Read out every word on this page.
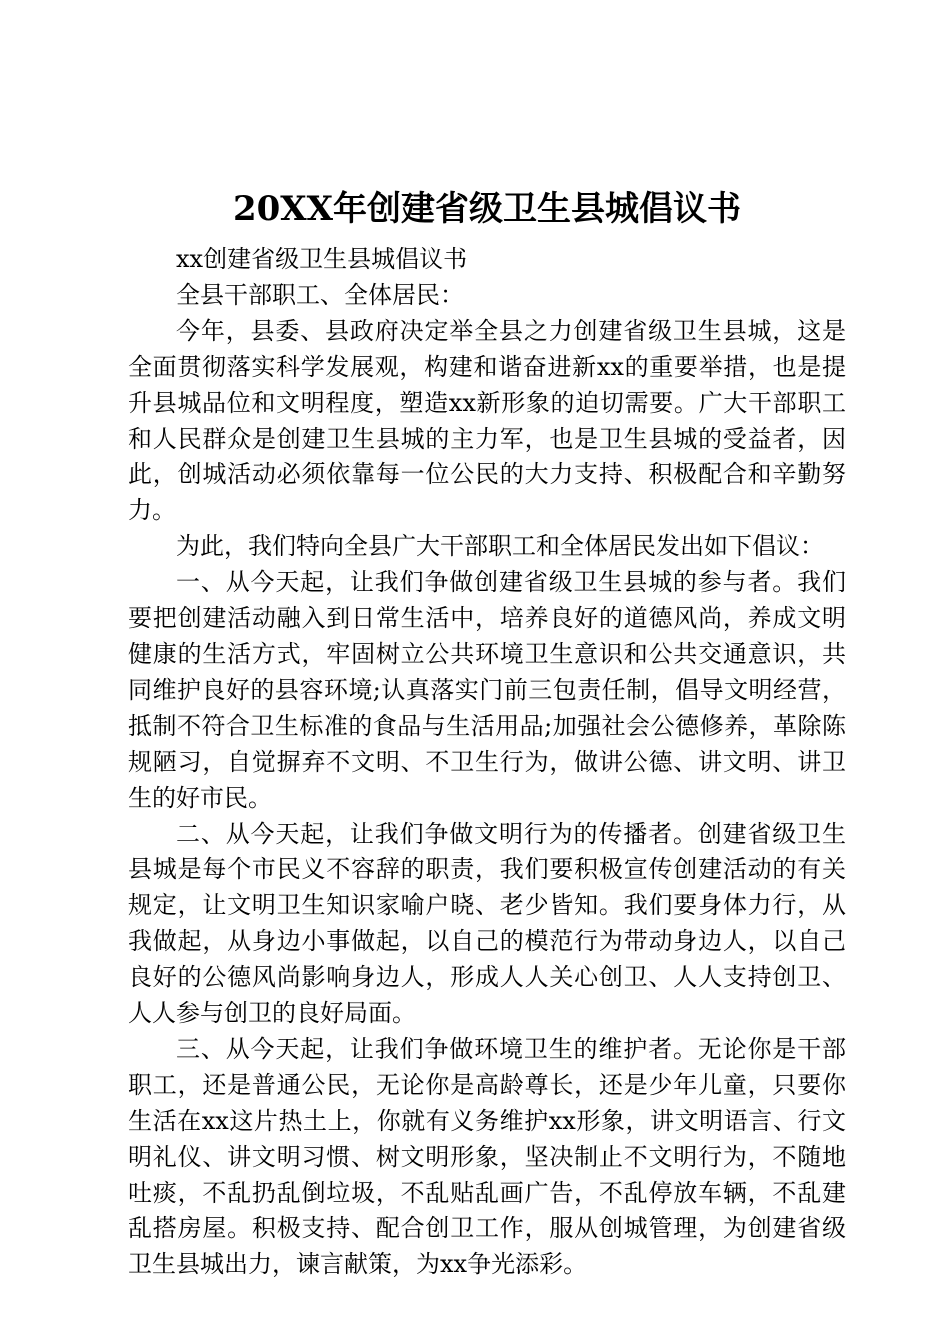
20XX年创建省级卫生县城倡议书

xx创建省级卫生县城倡议书

全县干部职工、全体居民：

今年，县委、县政府决定举全县之力创建省级卫生县城，这是全面贯彻落实科学发展观，构建和谐奋进新xx的重要举措，也是提升县城品位和文明程度，塑造xx新形象的迫切需要。广大干部职工和人民群众是创建卫生县城的主力军，也是卫生县城的受益者，因此，创城活动必须依靠每一位公民的大力支持、积极配合和辛勤努力。

为此，我们特向全县广大干部职工和全体居民发出如下倡议：

一、从今天起，让我们争做创建省级卫生县城的参与者。我们要把创建活动融入到日常生活中，培养良好的道德风尚，养成文明健康的生活方式，牢固树立公共环境卫生意识和公共交通意识，共同维护良好的县容环境;认真落实门前三包责任制，倡导文明经营，抵制不符合卫生标准的食品与生活用品;加强社会公德修养，革除陈规陋习，自觉摒弃不文明、不卫生行为，做讲公德、讲文明、讲卫生的好市民。

二、从今天起，让我们争做文明行为的传播者。创建省级卫生县城是每个市民义不容辞的职责，我们要积极宣传创建活动的有关规定，让文明卫生知识家喻户晓、老少皆知。我们要身体力行，从我做起，从身边小事做起，以自己的模范行为带动身边人，以自己良好的公德风尚影响身边人，形成人人关心创卫、人人支持创卫、人人参与创卫的良好局面。

三、从今天起，让我们争做环境卫生的维护者。无论你是干部职工，还是普通公民，无论你是高龄尊长，还是少年儿童，只要你生活在xx这片热土上，你就有义务维护xx形象，讲文明语言、行文明礼仪、讲文明习惯、树文明形象，坚决制止不文明行为，不随地吐痰，不乱扔乱倒垃圾，不乱贴乱画广告，不乱停放车辆，不乱建乱搭房屋。积极支持、配合创卫工作，服从创城管理，为创建省级卫生县城出力，谏言献策，为xx争光添彩。
